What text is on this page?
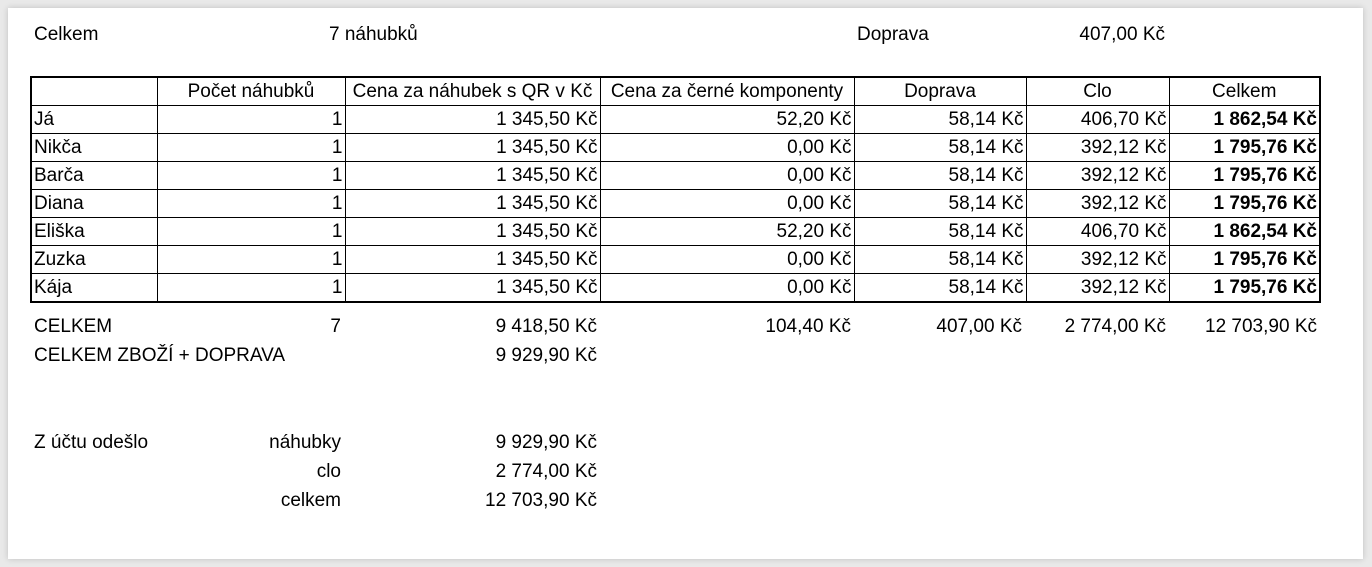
Celkem	7 náhubků	Doprava	407,00 Kč
	Počet náhubků	Cena za náhubek s QR v Kč	Cena za černé komponenty	Doprava	Clo	Celkem
Já	1	1 345,50 Kč	52,20 Kč	58,14 Kč	406,70 Kč	1 862,54 Kč
Nikča	1	1 345,50 Kč	0,00 Kč	58,14 Kč	392,12 Kč	1 795,76 Kč
Barča	1	1 345,50 Kč	0,00 Kč	58,14 Kč	392,12 Kč	1 795,76 Kč
Diana	1	1 345,50 Kč	0,00 Kč	58,14 Kč	392,12 Kč	1 795,76 Kč
Eliška	1	1 345,50 Kč	52,20 Kč	58,14 Kč	406,70 Kč	1 862,54 Kč
Zuzka	1	1 345,50 Kč	0,00 Kč	58,14 Kč	392,12 Kč	1 795,76 Kč
Kája	1	1 345,50 Kč	0,00 Kč	58,14 Kč	392,12 Kč	1 795,76 Kč
CELKEM	7	9 418,50 Kč	104,40 Kč	407,00 Kč	2 774,00 Kč	12 703,90 Kč
CELKEM ZBOŽÍ + DOPRAVA	9 929,90 Kč
Z účtu odešlo	náhubky	9 929,90 Kč
clo	2 774,00 Kč
celkem	12 703,90 Kč
